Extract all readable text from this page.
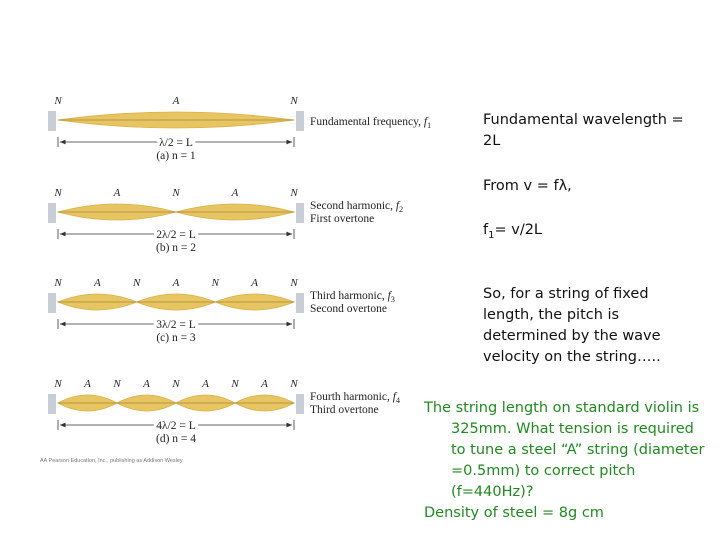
N	A	N
λ/2 = L
(a) n = 1
Fundamental frequency, $f_1$
N	A	N	A	N
2λ/2 = L
(b) n = 2
Second harmonic, $f_2$
First overtone
N	A	N	A	N	A	N
3λ/2 = L
(c) n = 3
Third harmonic, $f_3$
Second overtone
N A N A N A N A N
4λ/2 = L
(d) n = 4
Fourth harmonic, $f_4$
Third overtone
AA Pearson Education, Inc., publishing as Addison Wesley.
Fundamental wavelength =
2L
From v = fλ,
$f_1= v/2L$
So, for a string of fixed
length, the pitch is
determined by the wave
velocity on the string…..
The string length on standard violin is
325mm. What tension is required
to tune a steel “A” string (diameter
=0.5mm) to correct pitch
(f=440Hz)?
Density of steel = 8g cm
